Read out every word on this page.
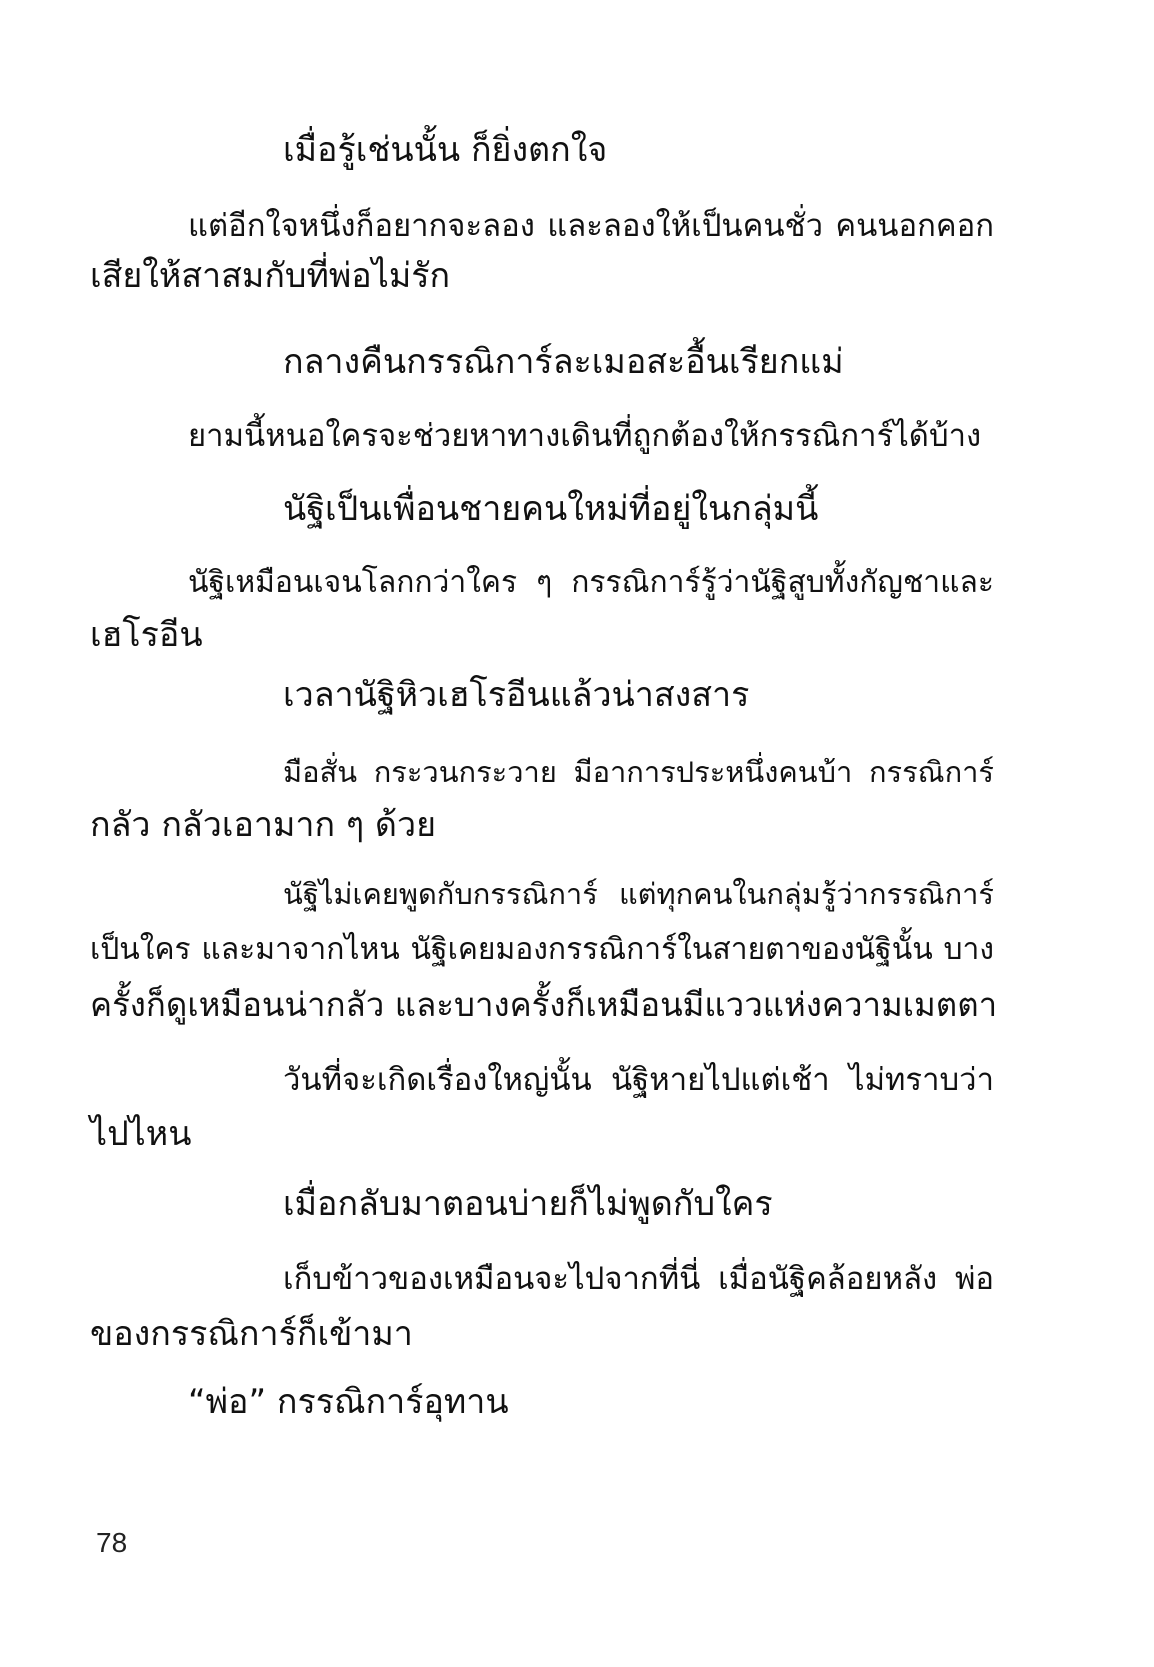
เมื่อรู้เช่นนั้น ก็ยิ่งตกใจ
แต่อีกใจหนึ่งก็อยากจะลอง และลองให้เป็นคนชั่ว คนนอกคอก
เสียให้สาสมกับที่พ่อไม่รัก
กลางคืนกรรณิการ์ละเมอสะอื้นเรียกแม่
ยามนี้หนอใครจะช่วยหาทางเดินที่ถูกต้องให้กรรณิการ์ได้บ้าง
นัฐิเป็นเพื่อนชายคนใหม่ที่อยู่ในกลุ่มนี้
นัฐิเหมือนเจนโลกกว่าใคร ๆ กรรณิการ์รู้ว่านัฐิสูบทั้งกัญชาและ
เฮโรอีน
เวลานัฐิหิวเฮโรอีนแล้วน่าสงสาร
มือสั่น กระวนกระวาย มีอาการประหนึ่งคนบ้า กรรณิการ์
กลัว กลัวเอามาก ๆ ด้วย
นัฐิไม่เคยพูดกับกรรณิการ์ แต่ทุกคนในกลุ่มรู้ว่ากรรณิการ์
เป็นใคร และมาจากไหน นัฐิเคยมองกรรณิการ์ในสายตาของนัฐินั้น บาง
ครั้งก็ดูเหมือนน่ากลัว และบางครั้งก็เหมือนมีแววแห่งความเมตตา
วันที่จะเกิดเรื่องใหญ่นั้น นัฐิหายไปแต่เช้า ไม่ทราบว่า
ไปไหน
เมื่อกลับมาตอนบ่ายก็ไม่พูดกับใคร
เก็บข้าวของเหมือนจะไปจากที่นี่ เมื่อนัฐิคล้อยหลัง พ่อ
ของกรรณิการ์ก็เข้ามา
“พ่อ” กรรณิการ์อุทาน
78
